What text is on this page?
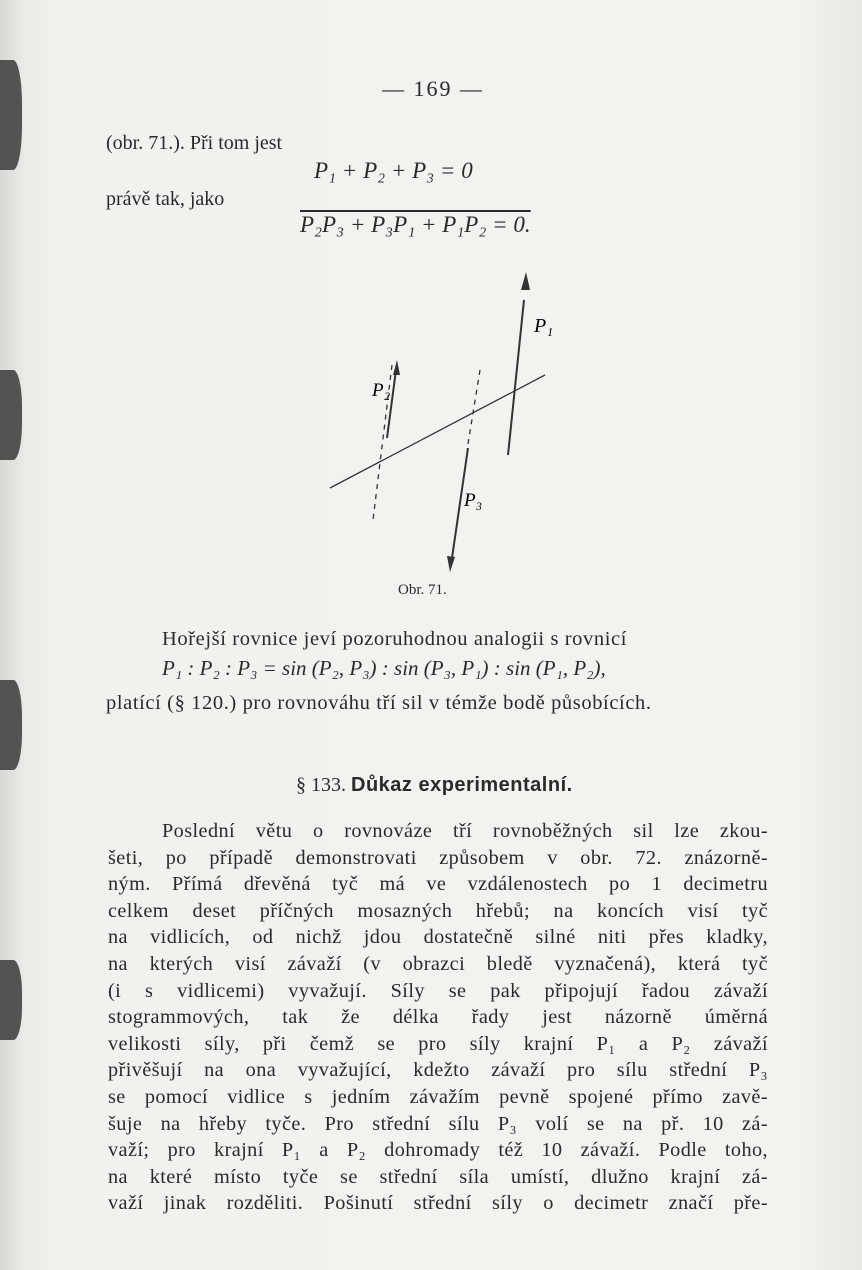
— 169 —
(obr. 71.). Při tom jest
P₁ + P₂ + P₃ = 0
právě tak, jako
P₂P₃ + P₃P₁ + P₁P₂ = 0.
P₁
P₂
P₃
Obr. 71.
Hořejší rovnice jeví pozoruhodnou analogii s rovnicí
P₁ : P₂ : P₃ = sin (P₂, P₃) : sin (P₃, P₁) : sin (P₁, P₂),
platící (§ 120.) pro rovnováhu tří sil v témže bodě působících.
§ 133. Důkaz experimentalní.
Poslední větu o rovnováze tří rovnoběžných sil lze zkou-
šeti, po případě demonstrovati způsobem v obr. 72. znázorně-
ným. Přímá dřevěná tyč má ve vzdálenostech po 1 decimetru
celkem deset příčných mosazných hřebů; na koncích visí tyč
na vidlicích, od nichž jdou dostatečně silné niti přes kladky,
na kterých visí závaží (v obrazci bledě vyznačená), která tyč
(i s vidlicemi) vyvažují. Síly se pak připojují řadou závaží
stogrammových, tak že délka řady jest názorně úměrná
velikosti síly, při čemž se pro síly krajní P₁ a P₂ závaží
přivěšují na ona vyvažující, kdežto závaží pro sílu střední P₃
se pomocí vidlice s jedním závažím pevně spojené přímo zavě-
šuje na hřeby tyče. Pro střední sílu P₃ volí se na př. 10 zá-
važí; pro krajní P₁ a P₂ dohromady též 10 závaží. Podle toho,
na které místo tyče se střední síla umístí, dlužno krajní zá-
važí jinak rozděliti. Pošinutí střední síly o decimetr značí pře-
